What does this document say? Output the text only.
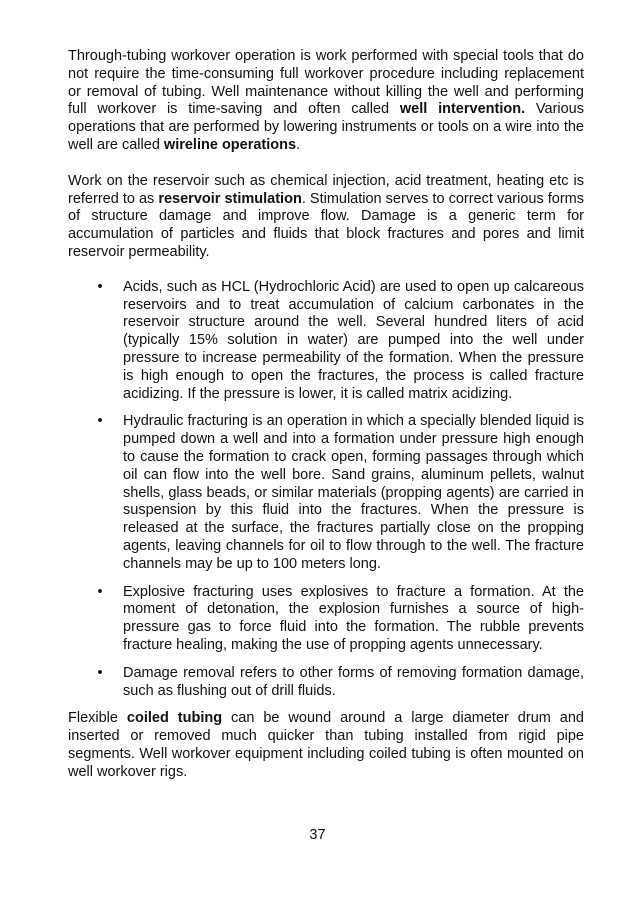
Through-tubing workover operation is work performed with special tools that do not require the time-consuming full workover procedure including replacement or removal of tubing. Well maintenance without killing the well and performing full workover is time-saving and often called well intervention. Various operations that are performed by lowering instruments or tools on a wire into the well are called wireline operations.

Work on the reservoir such as chemical injection, acid treatment, heating etc is referred to as reservoir stimulation. Stimulation serves to correct various forms of structure damage and improve flow. Damage is a generic term for accumulation of particles and fluids that block fractures and pores and limit reservoir permeability.

• Acids, such as HCL (Hydrochloric Acid) are used to open up calcareous reservoirs and to treat accumulation of calcium carbonates in the reservoir structure around the well. Several hundred liters of acid (typically 15% solution in water) are pumped into the well under pressure to increase permeability of the formation. When the pressure is high enough to open the fractures, the process is called fracture acidizing. If the pressure is lower, it is called matrix acidizing.
• Hydraulic fracturing is an operation in which a specially blended liquid is pumped down a well and into a formation under pressure high enough to cause the formation to crack open, forming passages through which oil can flow into the well bore. Sand grains, aluminum pellets, walnut shells, glass beads, or similar materials (propping agents) are carried in suspension by this fluid into the fractures. When the pressure is released at the surface, the fractures partially close on the propping agents, leaving channels for oil to flow through to the well. The fracture channels may be up to 100 meters long.
• Explosive fracturing uses explosives to fracture a formation. At the moment of detonation, the explosion furnishes a source of high-pressure gas to force fluid into the formation. The rubble prevents fracture healing, making the use of propping agents unnecessary.
• Damage removal refers to other forms of removing formation damage, such as flushing out of drill fluids.

Flexible coiled tubing can be wound around a large diameter drum and inserted or removed much quicker than tubing installed from rigid pipe segments. Well workover equipment including coiled tubing is often mounted on well workover rigs.

37
